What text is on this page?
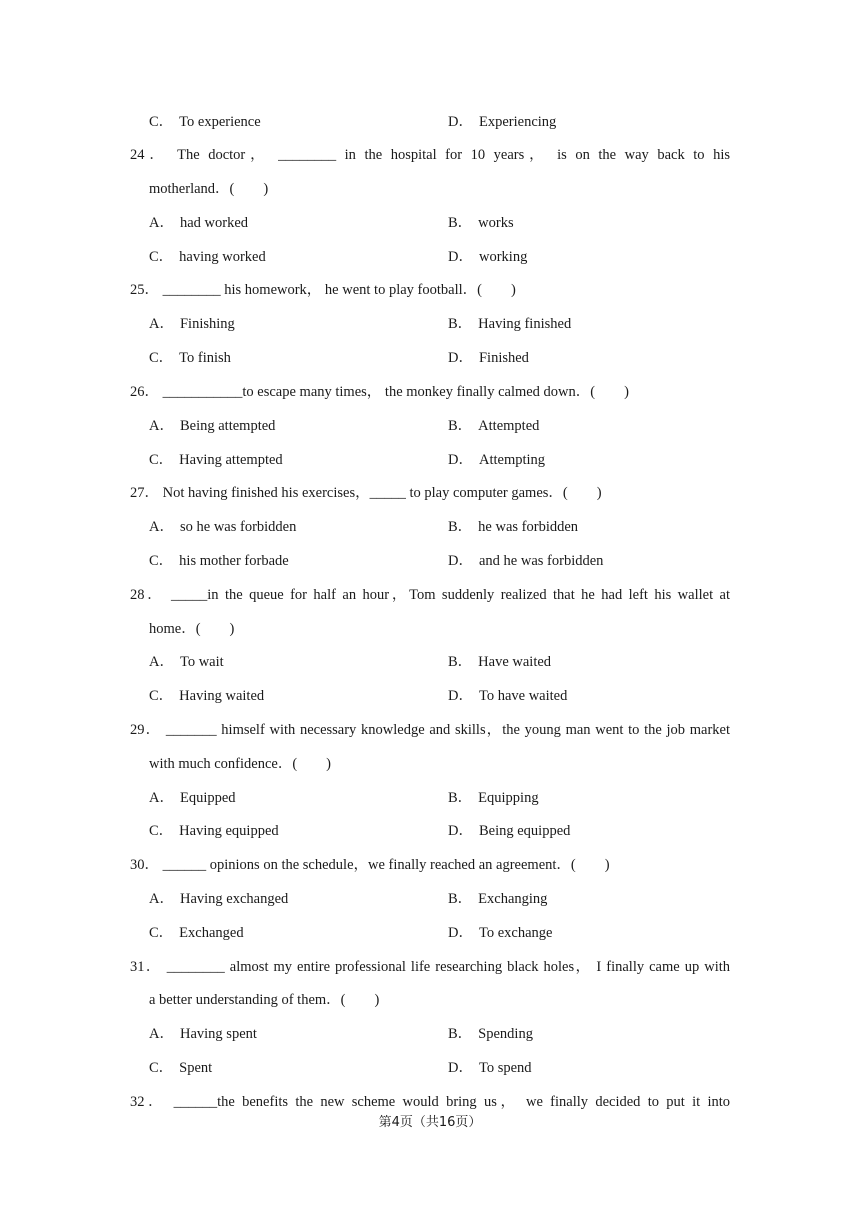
C． To experience	D． Experiencing
24． The doctor， ________ in the hospital for 10 years， is on the way back to his
motherland．(　　)
A． had worked	B． works
C． having worked	D． working
25． ________ his homework， he went to play football．(　　)
A． Finishing	B． Having finished
C． To finish	D． Finished
26． ___________to escape many times， the monkey finally calmed down．(　　)
A． Being attempted	B． Attempted
C． Having attempted	D． Attempting
27． Not having finished his exercises，_____ to play computer games．(　　)
A． so he was forbidden	B． he was forbidden
C． his mother forbade	D． and he was forbidden
28． _____in the queue for half an hour，Tom suddenly realized that he had left his wallet at
home．(　　)
A． To wait	B． Have waited
C． Having waited	D． To have waited
29． _______ himself with necessary knowledge and skills，the young man went to the job market
with much confidence．(　　)
A． Equipped	B． Equipping
C． Having equipped	D． Being equipped
30． ______ opinions on the schedule，we finally reached an agreement．(　　)
A． Having exchanged	B． Exchanging
C． Exchanged	D． To exchange
31． ________ almost my entire professional life researching black holes， I finally came up with
a better understanding of them．(　　)
A． Having spent	B． Spending
C． Spent	D． To spend
32． ______the benefits the new scheme would bring us， we finally decided to put it into
第4页（共16页）
